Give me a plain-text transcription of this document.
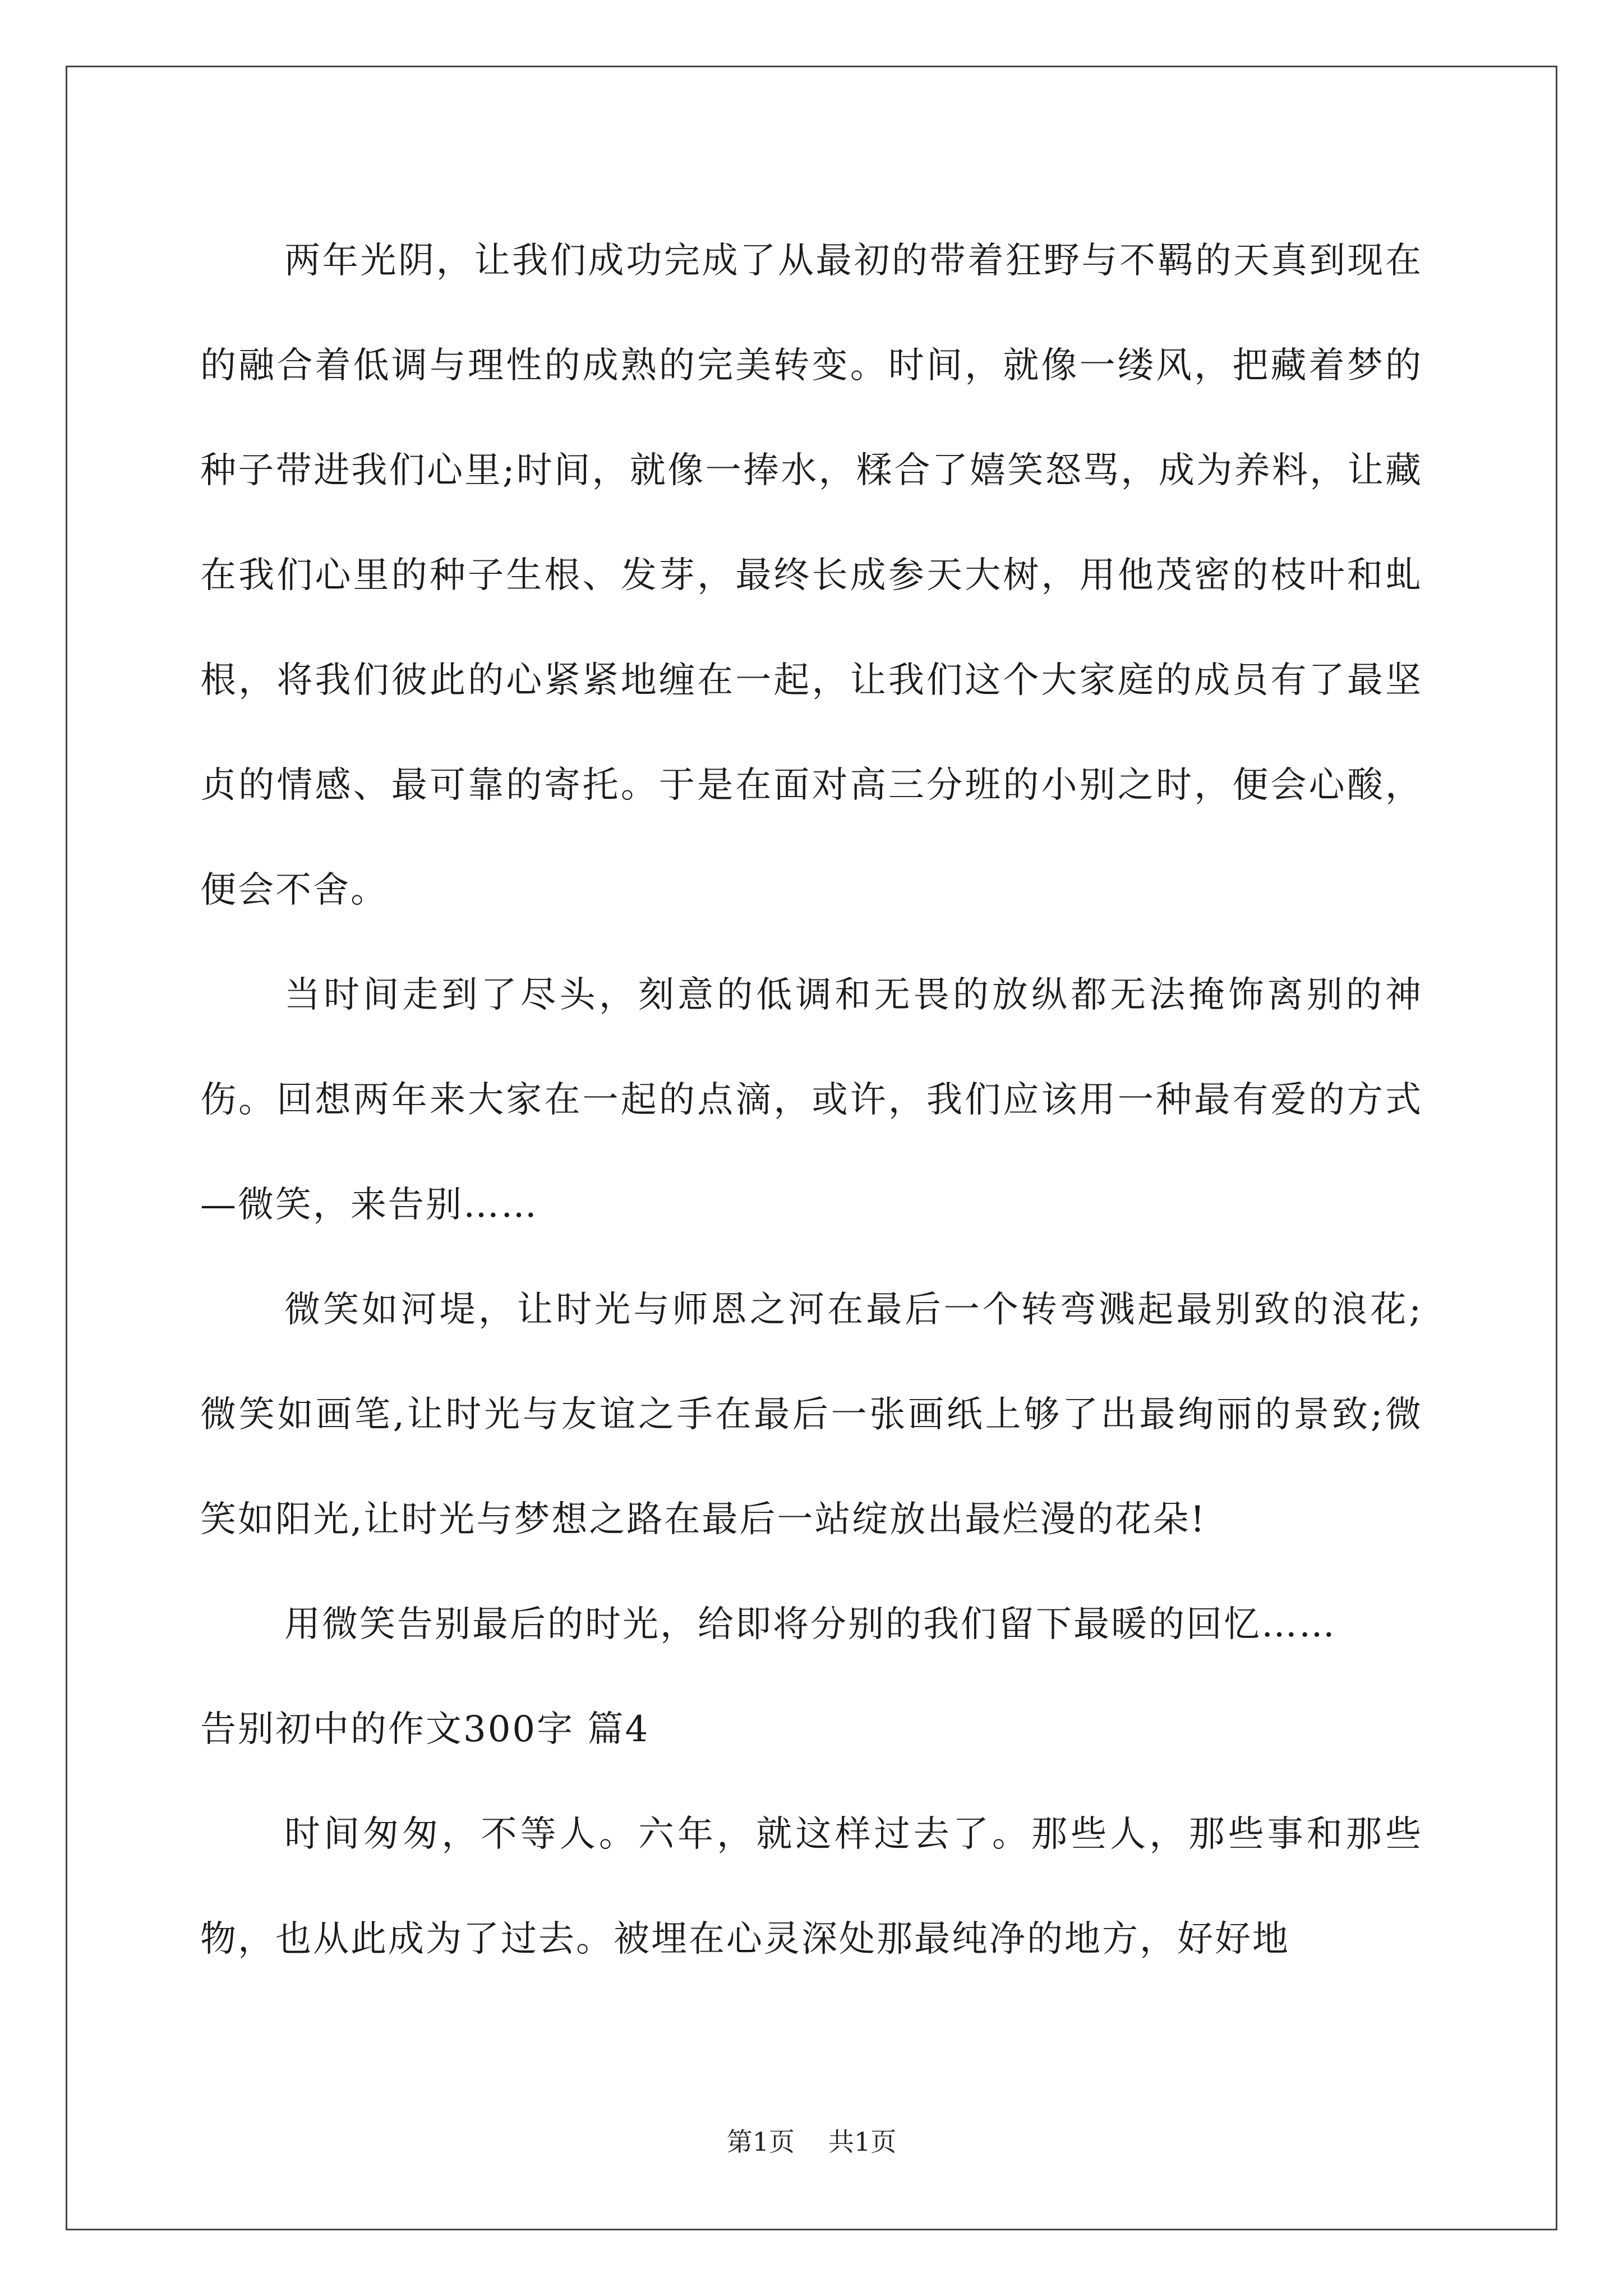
两年光阴，让我们成功完成了从最初的带着狂野与不羁的天真到现在的融合着低调与理性的成熟的完美转变。时间，就像一缕风，把藏着梦的种子带进我们心里;时间，就像一捧水，糅合了嬉笑怒骂，成为养料，让藏在我们心里的种子生根、发芽，最终长成参天大树，用他茂密的枝叶和虬根，将我们彼此的心紧紧地缠在一起，让我们这个大家庭的成员有了最坚贞的情感、最可靠的寄托。于是在面对高三分班的小别之时，便会心酸，便会不舍。

当时间走到了尽头，刻意的低调和无畏的放纵都无法掩饰离别的神伤。回想两年来大家在一起的点滴，或许，我们应该用一种最有爱的方式—微笑，来告别……

微笑如河堤，让时光与师恩之河在最后一个转弯溅起最别致的浪花;微笑如画笔,让时光与友谊之手在最后一张画纸上够了出最绚丽的景致;微笑如阳光,让时光与梦想之路在最后一站绽放出最烂漫的花朵!

用微笑告别最后的时光，给即将分别的我们留下最暖的回忆……

告别初中的作文300字 篇4

时间匆匆，不等人。六年，就这样过去了。那些人，那些事和那些物，也从此成为了过去。被埋在心灵深处那最纯净的地方，好好地

第1页 共1页
